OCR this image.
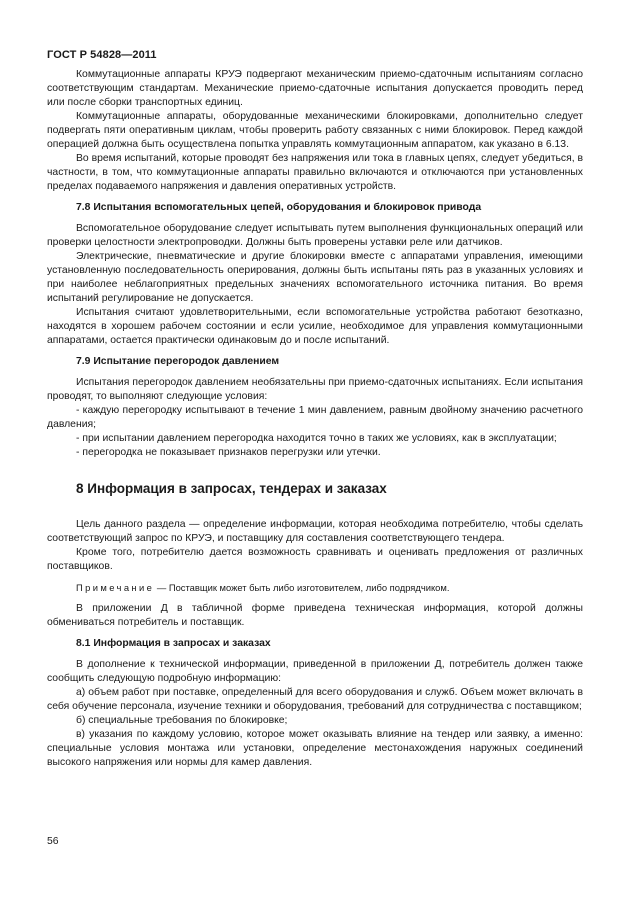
ГОСТ Р 54828—2011

Коммутационные аппараты КРУЭ подвергают механическим приемо-сдаточным испытаниям согласно соответствующим стандартам. Механические приемо-сдаточные испытания допускается проводить перед или после сборки транспортных единиц.

Коммутационные аппараты, оборудованные механическими блокировками, дополнительно следует подвергать пяти оперативным циклам, чтобы проверить работу связанных с ними блокировок. Перед каждой операцией должна быть осуществлена попытка управлять коммутационным аппаратом, как указано в 6.13.

Во время испытаний, которые проводят без напряжения или тока в главных цепях, следует убедиться, в частности, в том, что коммутационные аппараты правильно включаются и отключаются при установленных пределах подаваемого напряжения и давления оперативных устройств.

7.8 Испытания вспомогательных цепей, оборудования и блокировок привода

Вспомогательное оборудование следует испытывать путем выполнения функциональных операций или проверки целостности электропроводки. Должны быть проверены уставки реле или датчиков.

Электрические, пневматические и другие блокировки вместе с аппаратами управления, имеющими установленную последовательность оперирования, должны быть испытаны пять раз в указанных условиях и при наиболее неблагоприятных предельных значениях вспомогательного источника питания. Во время испытаний регулирование не допускается.

Испытания считают удовлетворительными, если вспомогательные устройства работают безотказно, находятся в хорошем рабочем состоянии и если усилие, необходимое для управления коммутационными аппаратами, остается практически одинаковым до и после испытаний.

7.9 Испытание перегородок давлением

Испытания перегородок давлением необязательны при приемо-сдаточных испытаниях. Если испытания проводят, то выполняют следующие условия:

- каждую перегородку испытывают в течение 1 мин давлением, равным двойному значению расчетного давления;

- при испытании давлением перегородка находится точно в таких же условиях, как в эксплуатации;

- перегородка не показывает признаков перегрузки или утечки.

8 Информация в запросах, тендерах и заказах

Цель данного раздела — определение информации, которая необходима потребителю, чтобы сделать соответствующий запрос по КРУЭ, и поставщику для составления соответствующего тендера.

Кроме того, потребителю дается возможность сравнивать и оценивать предложения от различных поставщиков.

Примечание — Поставщик может быть либо изготовителем, либо подрядчиком.

В приложении Д в табличной форме приведена техническая информация, которой должны обмениваться потребитель и поставщик.

8.1 Информация в запросах и заказах

В дополнение к технической информации, приведенной в приложении Д, потребитель должен также сообщить следующую подробную информацию:

а) объем работ при поставке, определенный для всего оборудования и служб. Объем может включать в себя обучение персонала, изучение техники и оборудования, требований для сотрудничества с поставщиком;

б) специальные требования по блокировке;

в) указания по каждому условию, которое может оказывать влияние на тендер или заявку, а именно: специальные условия монтажа или установки, определение местонахождения наружных соединений высокого напряжения или нормы для камер давления.

56
